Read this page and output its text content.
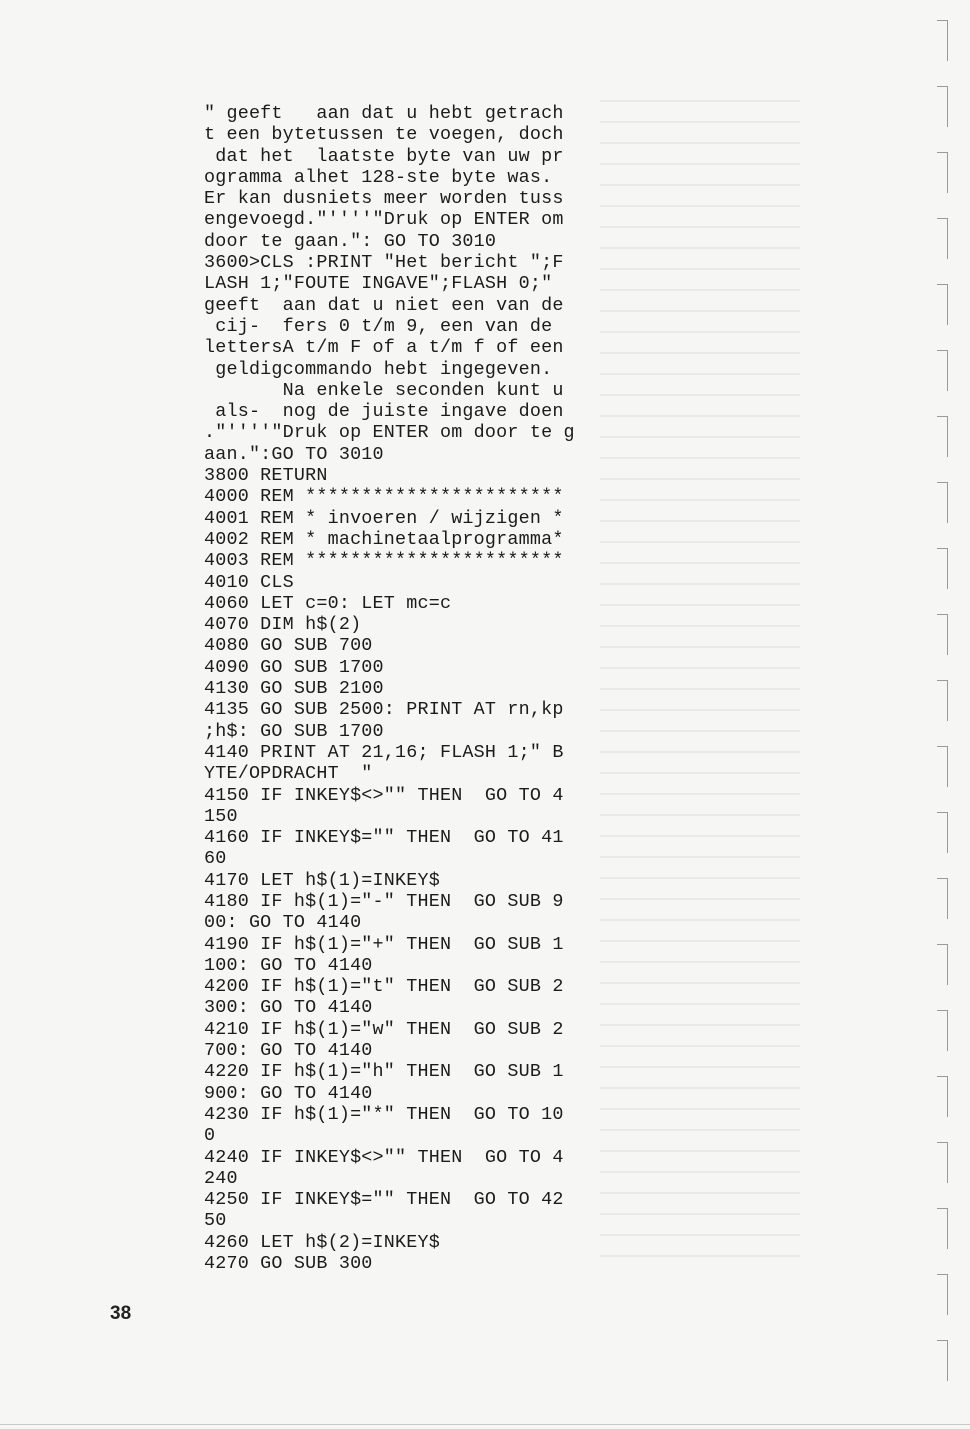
" geeft   aan dat u hebt getrach
t een bytetussen te voegen, doch
dat het  laatste byte van uw pr
ogramma alhet 128-ste byte was.
Er kan dusniets meer worden tuss
engevoegd."''''"Druk op ENTER om
door te gaan.": GO TO 3010
3600>CLS :PRINT "Het bericht ";F
LASH 1;"FOUTE INGAVE";FLASH 0;"
geeft  aan dat u niet een van de
cij-  fers 0 t/m 9, een van de
lettersA t/m F of a t/m f of een
geldigcommando hebt ingegeven.
Na enkele seconden kunt u
als-  nog de juiste ingave doen
."''''"Druk op ENTER om door te g
aan.":GO TO 3010
3800 RETURN
4000 REM ***********************
4001 REM * invoeren / wijzigen *
4002 REM * machinetaalprogramma*
4003 REM ***********************
4010 CLS
4060 LET c=0: LET mc=c
4070 DIM h$(2)
4080 GO SUB 700
4090 GO SUB 1700
4130 GO SUB 2100
4135 GO SUB 2500: PRINT AT rn,kp
;h$: GO SUB 1700
4140 PRINT AT 21,16; FLASH 1;" B
YTE/OPDRACHT  "
4150 IF INKEY$<>"" THEN  GO TO 4
150
4160 IF INKEY$="" THEN  GO TO 41
60
4170 LET h$(1)=INKEY$
4180 IF h$(1)="-" THEN  GO SUB 9
00: GO TO 4140
4190 IF h$(1)="+" THEN  GO SUB 1
100: GO TO 4140
4200 IF h$(1)="t" THEN  GO SUB 2
300: GO TO 4140
4210 IF h$(1)="w" THEN  GO SUB 2
700: GO TO 4140
4220 IF h$(1)="h" THEN  GO SUB 1
900: GO TO 4140
4230 IF h$(1)="*" THEN  GO TO 10
0
4240 IF INKEY$<>"" THEN  GO TO 4
240
4250 IF INKEY$="" THEN  GO TO 42
50
4260 LET h$(2)=INKEY$
4270 GO SUB 300
38
